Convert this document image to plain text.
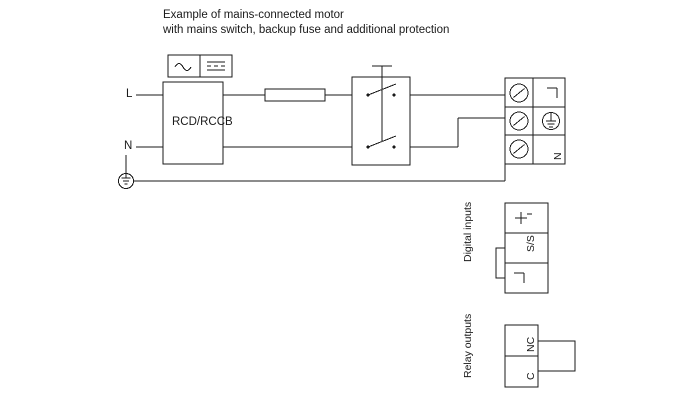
Example of mains-connected motor
with mains switch, backup fuse and additional protection
L
N
RCD/RCCB
N
Digital inputs	S/S
Relay outputs	NC
C
